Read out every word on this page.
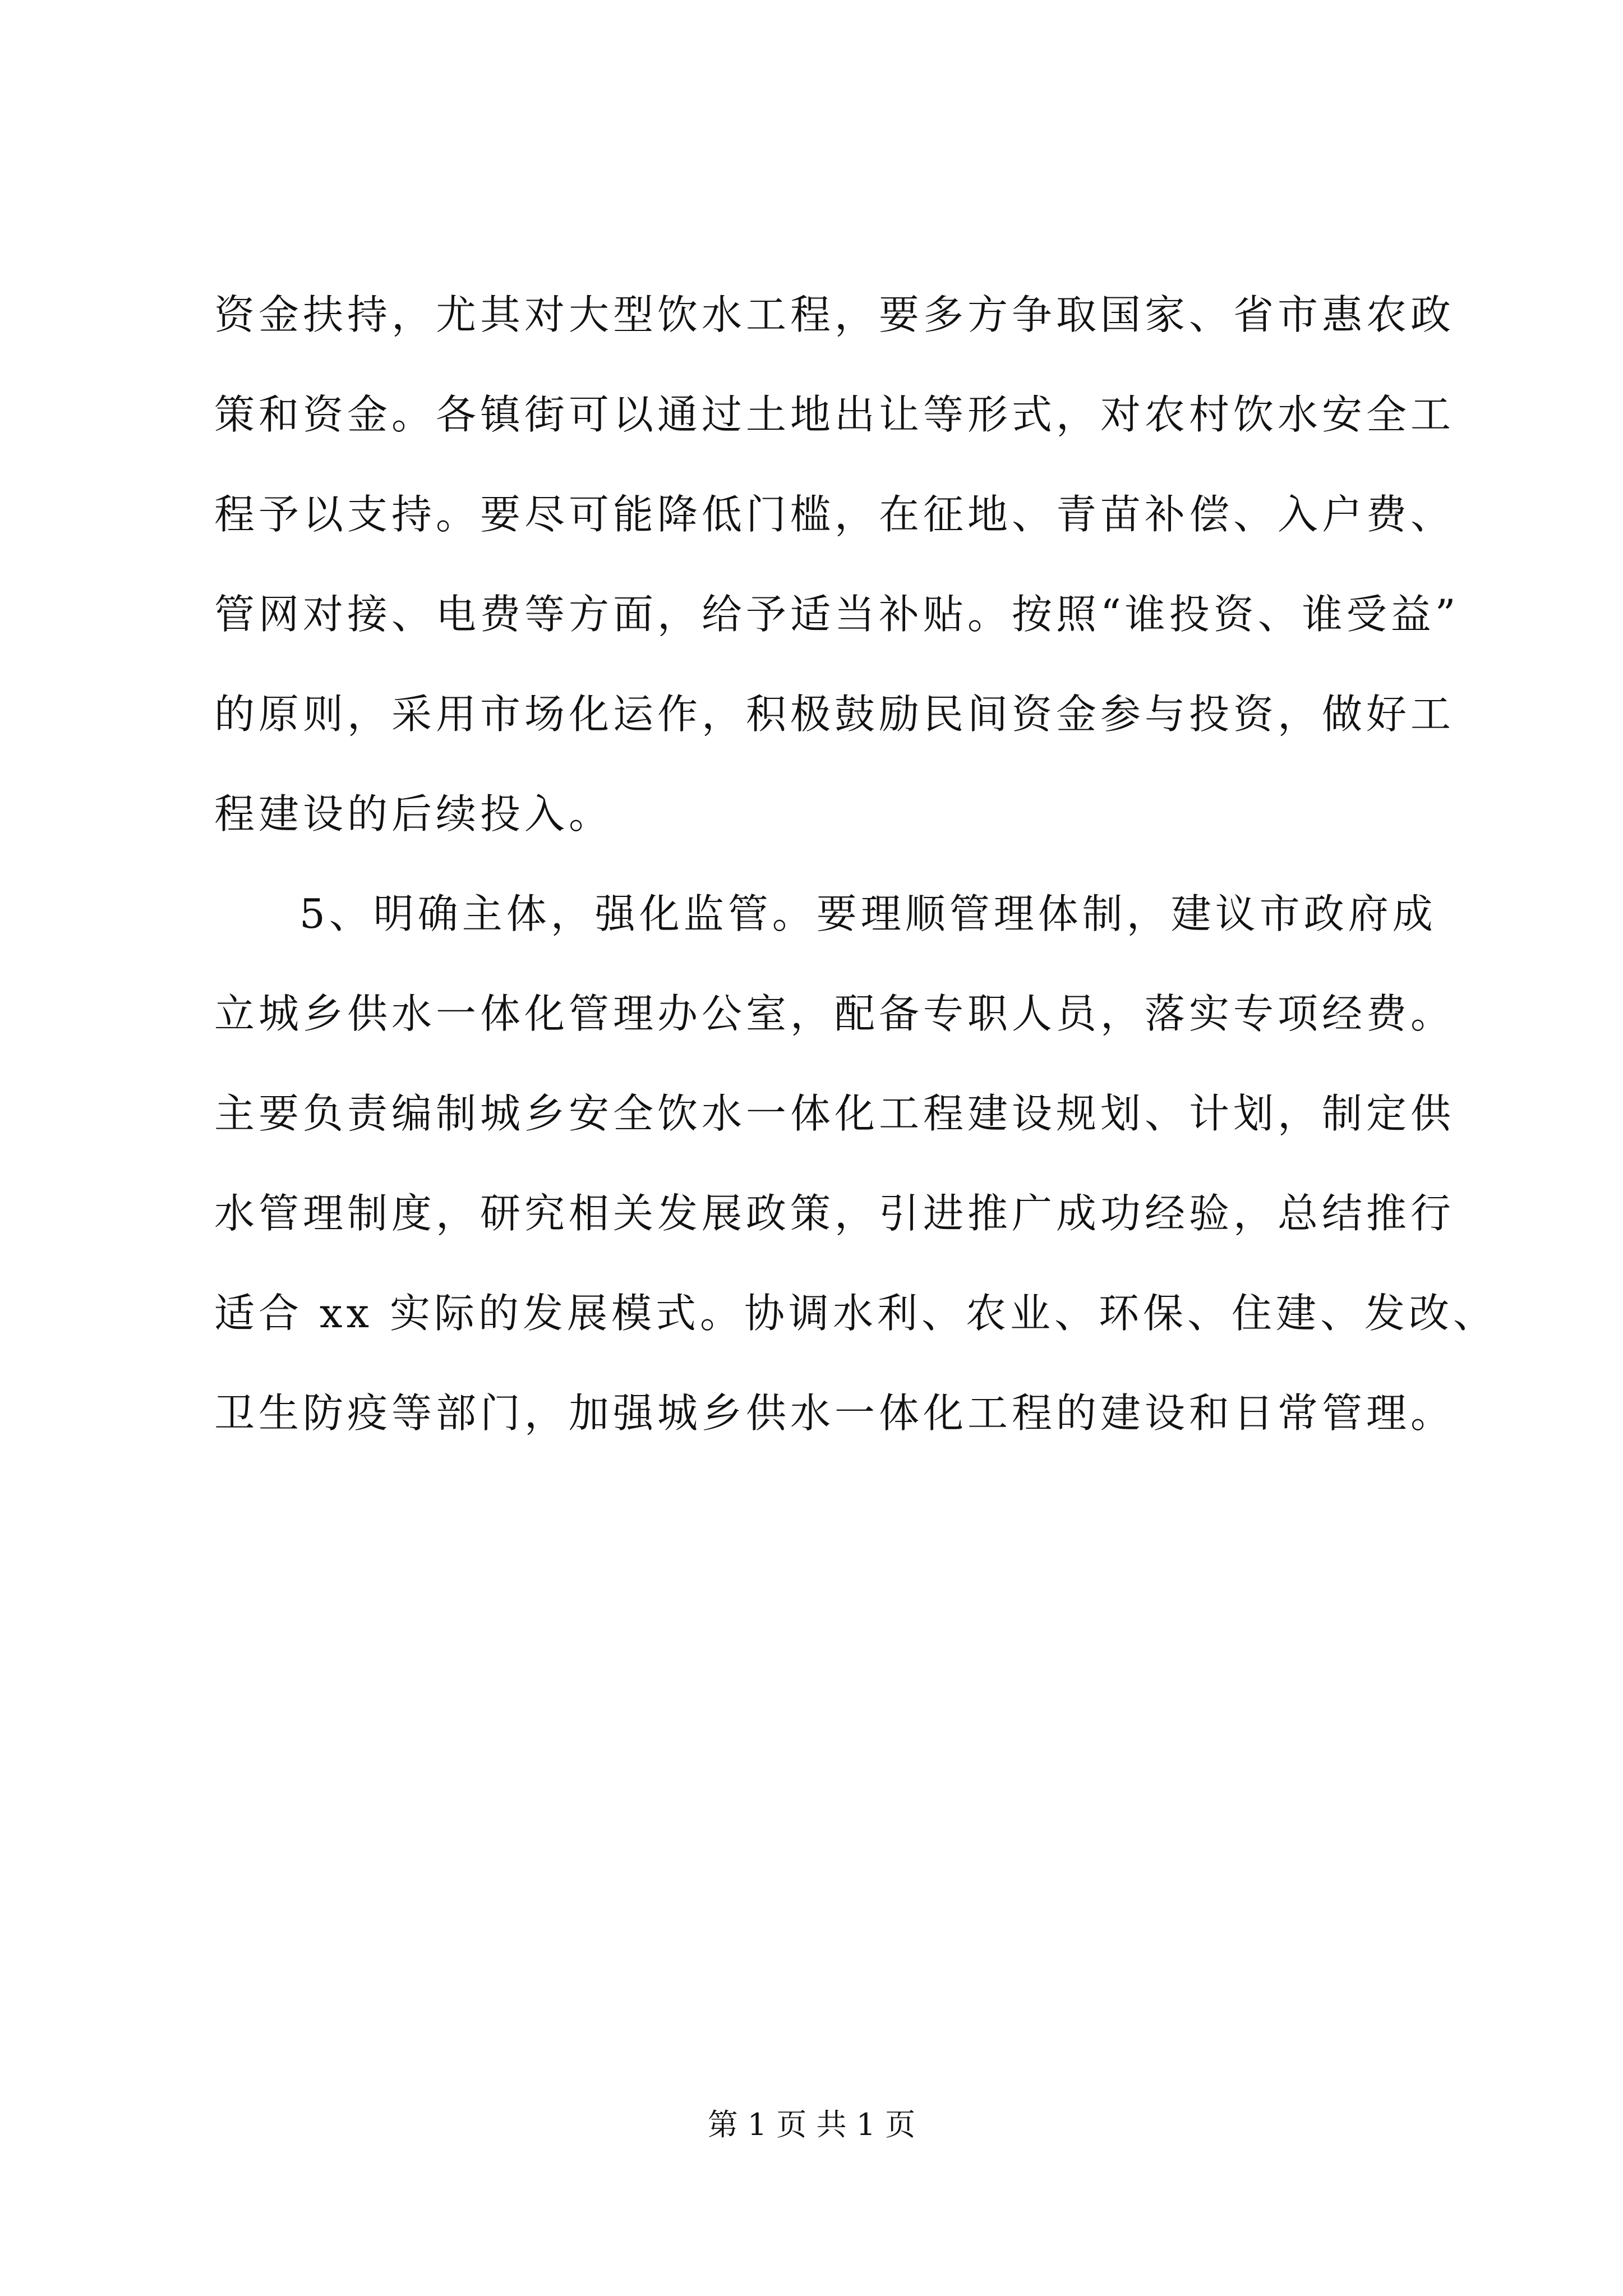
资金扶持，尤其对大型饮水工程，要多方争取国家、省市惠农政
策和资金。各镇街可以通过土地出让等形式，对农村饮水安全工
程予以支持。要尽可能降低门槛，在征地、青苗补偿、入户费、
管网对接、电费等方面，给予适当补贴。按照“谁投资、谁受益”
的原则，采用市场化运作，积极鼓励民间资金参与投资，做好工
程建设的后续投入。
5、明确主体，强化监管。要理顺管理体制，建议市政府成
立城乡供水一体化管理办公室，配备专职人员，落实专项经费。
主要负责编制城乡安全饮水一体化工程建设规划、计划，制定供
水管理制度，研究相关发展政策，引进推广成功经验，总结推行
适合 xx 实际的发展模式。协调水利、农业、环保、住建、发改、
卫生防疫等部门，加强城乡供水一体化工程的建设和日常管理。
第 1 页 共 1 页
